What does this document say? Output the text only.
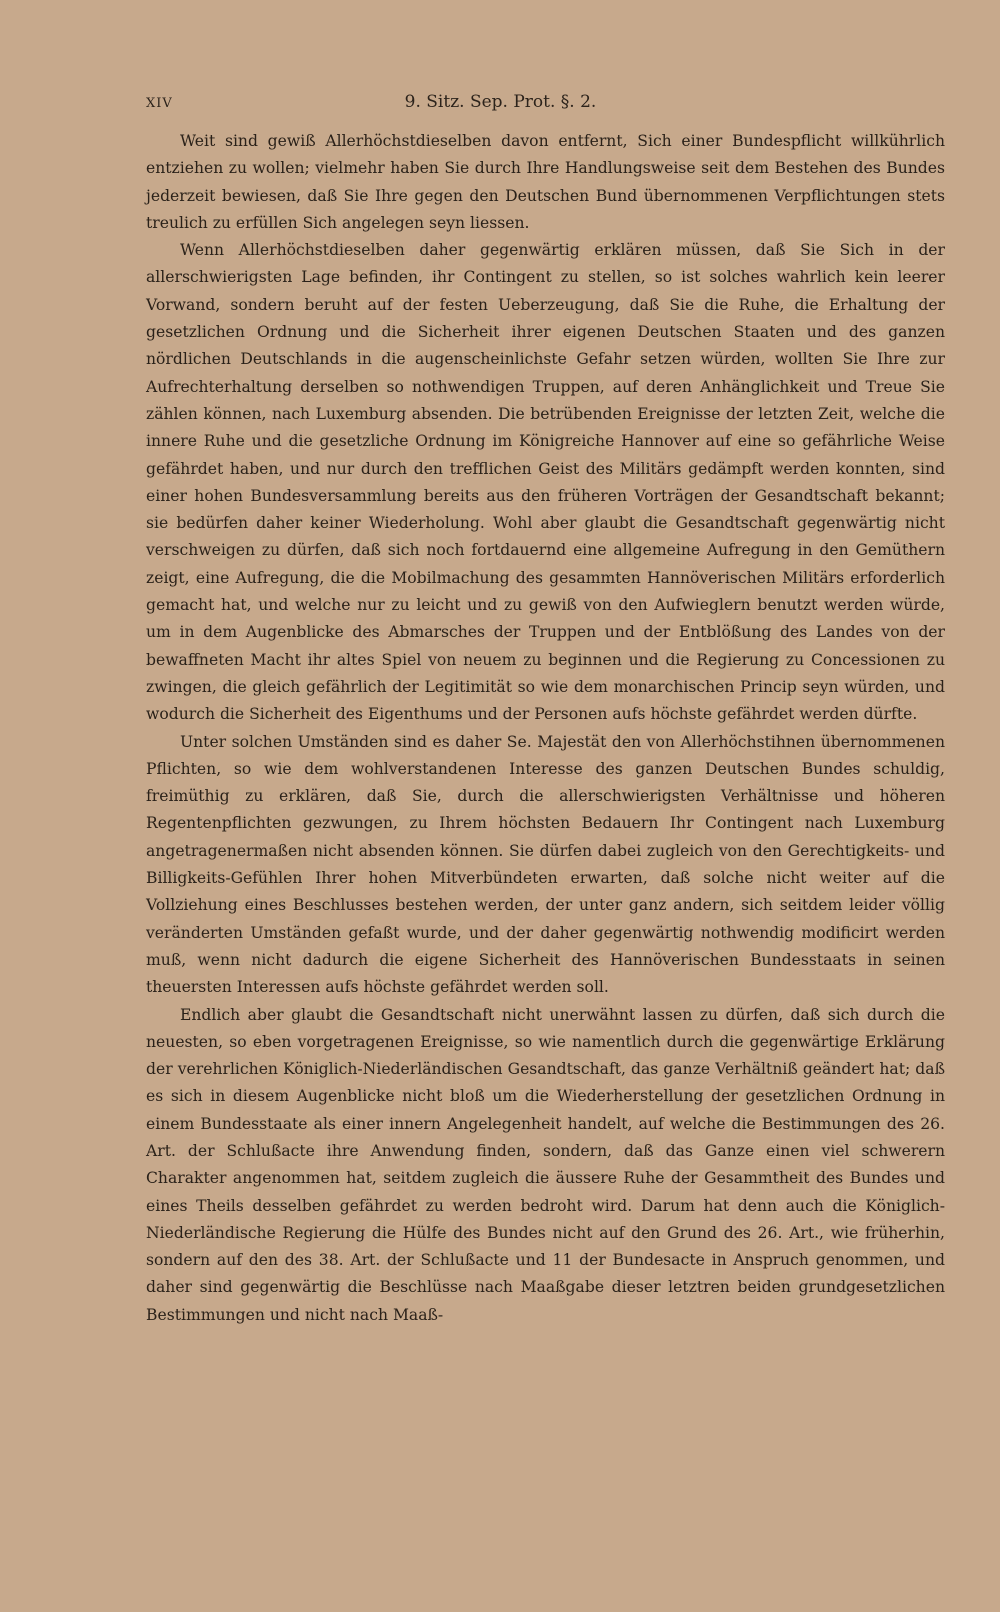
XIV	9. Sitz. Sep. Prot. §. 2.

Weit sind gewiß Allerhöchstdieselben davon entfernt, Sich einer Bundespflicht willkührlich entziehen zu wollen; vielmehr haben Sie durch Ihre Handlungsweise seit dem Bestehen des Bundes jederzeit bewiesen, daß Sie Ihre gegen den Deutschen Bund übernommenen Verpflichtungen stets treulich zu erfüllen Sich angelegen seyn liessen.

Wenn Allerhöchstdieselben daher gegenwärtig erklären müssen, daß Sie Sich in der allerschwierigsten Lage befinden, ihr Contingent zu stellen, so ist solches wahrlich kein leerer Vorwand, sondern beruht auf der festen Ueberzeugung, daß Sie die Ruhe, die Erhaltung der gesetzlichen Ordnung und die Sicherheit ihrer eigenen Deutschen Staaten und des ganzen nördlichen Deutschlands in die augenscheinlichste Gefahr setzen würden, wollten Sie Ihre zur Aufrechterhaltung derselben so nothwendigen Truppen, auf deren Anhänglichkeit und Treue Sie zählen können, nach Luxemburg absenden. Die betrübenden Ereignisse der letzten Zeit, welche die innere Ruhe und die gesetzliche Ordnung im Königreiche Hannover auf eine so gefährliche Weise gefährdet haben, und nur durch den trefflichen Geist des Militärs gedämpft werden konnten, sind einer hohen Bundesversammlung bereits aus den früheren Vorträgen der Gesandtschaft bekannt; sie bedürfen daher keiner Wiederholung. Wohl aber glaubt die Gesandtschaft gegenwärtig nicht verschweigen zu dürfen, daß sich noch fortdauernd eine allgemeine Aufregung in den Gemüthern zeigt, eine Aufregung, die die Mobilmachung des gesammten Hannöverischen Militärs erforderlich gemacht hat, und welche nur zu leicht und zu gewiß von den Aufwieglern benutzt werden würde, um in dem Augenblicke des Abmarsches der Truppen und der Entblößung des Landes von der bewaffneten Macht ihr altes Spiel von neuem zu beginnen und die Regierung zu Concessionen zu zwingen, die gleich gefährlich der Legitimität so wie dem monarchischen Princip seyn würden, und wodurch die Sicherheit des Eigenthums und der Personen aufs höchste gefährdet werden dürfte.

Unter solchen Umständen sind es daher Se. Majestät den von Allerhöchstihnen übernommenen Pflichten, so wie dem wohlverstandenen Interesse des ganzen Deutschen Bundes schuldig, freimüthig zu erklären, daß Sie, durch die allerschwierigsten Verhältnisse und höheren Regentenpflichten gezwungen, zu Ihrem höchsten Bedauern Ihr Contingent nach Luxemburg angetragenermaßen nicht absenden können. Sie dürfen dabei zugleich von den Gerechtigkeits- und Billigkeits-Gefühlen Ihrer hohen Mitverbündeten erwarten, daß solche nicht weiter auf die Vollziehung eines Beschlusses bestehen werden, der unter ganz andern, sich seitdem leider völlig veränderten Umständen gefaßt wurde, und der daher gegenwärtig nothwendig modificirt werden muß, wenn nicht dadurch die eigene Sicherheit des Hannöverischen Bundesstaats in seinen theuersten Interessen aufs höchste gefährdet werden soll.

Endlich aber glaubt die Gesandtschaft nicht unerwähnt lassen zu dürfen, daß sich durch die neuesten, so eben vorgetragenen Ereignisse, so wie namentlich durch die gegenwärtige Erklärung der verehrlichen Königlich-Niederländischen Gesandtschaft, das ganze Verhältniß geändert hat; daß es sich in diesem Augenblicke nicht bloß um die Wiederherstellung der gesetzlichen Ordnung in einem Bundesstaate als einer innern Angelegenheit handelt, auf welche die Bestimmungen des 26. Art. der Schlußacte ihre Anwendung finden, sondern, daß das Ganze einen viel schwerern Charakter angenommen hat, seitdem zugleich die äussere Ruhe der Gesammtheit des Bundes und eines Theils desselben gefährdet zu werden bedroht wird. Darum hat denn auch die Königlich-Niederländische Regierung die Hülfe des Bundes nicht auf den Grund des 26. Art., wie früherhin, sondern auf den des 38. Art. der Schlußacte und 11 der Bundesacte in Anspruch genommen, und daher sind gegenwärtig die Beschlüsse nach Maaßgabe dieser letztren beiden grundgesetzlichen Bestimmungen und nicht nach Maaß-
